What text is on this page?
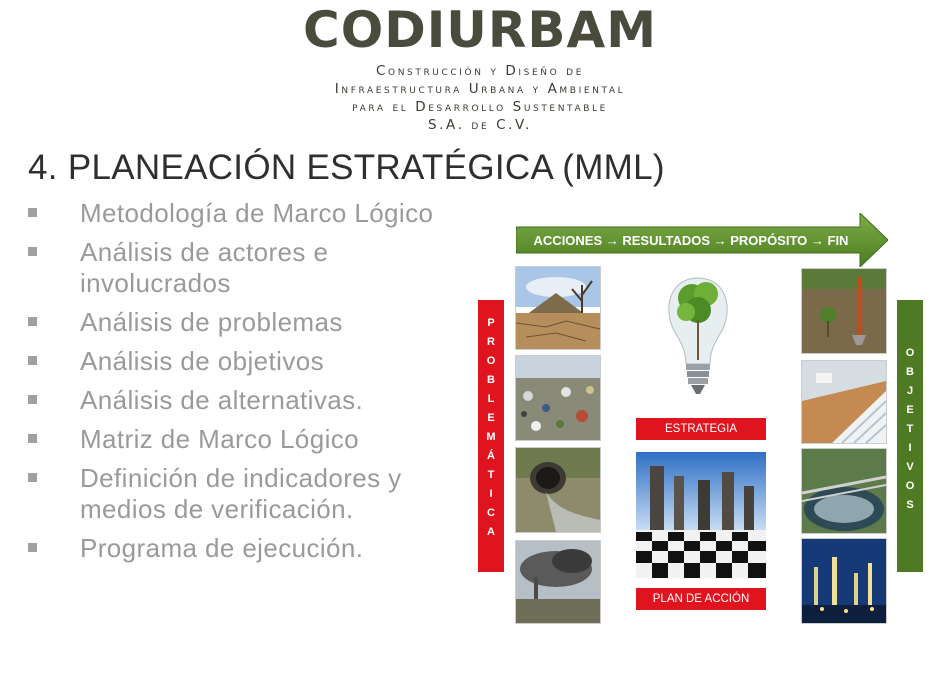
CODIURBAM
Construcción y Diseño de
Infraestructura Urbana y Ambiental
para el Desarrollo Sustentable
S.A. de C.V.
4. PLANEACIÓN ESTRATÉGICA (MML)
Metodología de Marco Lógico
Análisis de actores e involucrados
Análisis de problemas
Análisis de objetivos
Análisis de alternativas.
Matriz de Marco Lógico
Definición de indicadores y medios de verificación.
Programa de ejecución.
ACCIONES → RESULTADOS → PROPÓSITO → FIN
P
R
O
B
L
E
M
Á
T
I
C
A
O
B
J
E
T
I
V
O
S
ESTRATEGIA
PLAN DE ACCIÓN
